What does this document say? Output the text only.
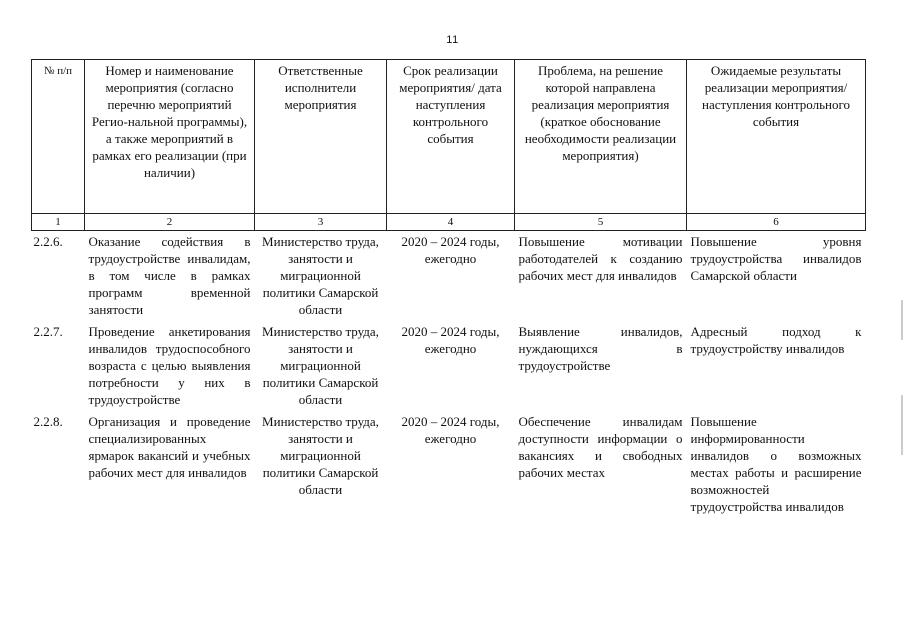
11
№ п/п	Номер и наименование мероприятия (согласно перечню мероприятий Регио-нальной программы), а также мероприятий в рамках его реализации (при наличии)	Ответственные исполнители мероприятия	Срок реализации мероприятия/ дата наступления контрольного события	Проблема, на решение которой направлена реализация мероприятия (краткое обоснование необходимости реализации мероприятия)	Ожидаемые результаты реализации мероприятия/ наступления контрольного события
1	2	3	4	5	6
2.2.6.	Оказание содействия в трудоустройстве инвалидам, в том числе в рамках программ временной занятости	Министерство труда, занятости и миграционной политики Самарской области	2020 – 2024 годы, ежегодно	Повышение мотивации работодателей к созданию рабочих мест для инвалидов	Повышение уровня трудоустройства инвалидов Самарской области
2.2.7.	Проведение анкетирования инвалидов трудоспособного возраста с целью выявления потребности у них в трудоустройстве	Министерство труда, занятости и миграционной политики Самарской области	2020 – 2024 годы, ежегодно	Выявление инвалидов, нуждающихся в трудоустройстве	Адресный подход к трудоустройству инвалидов
2.2.8.	Организация и проведение специализированных ярмарок вакансий и учебных рабочих мест для инвалидов	Министерство труда, занятости и миграционной политики Самарской области	2020 – 2024 годы, ежегодно	Обеспечение инвалидам доступности информации о вакансиях и свободных рабочих местах	Повышение информированности инвалидов о возможных местах работы и расширение возможностей трудоустройства инвалидов
